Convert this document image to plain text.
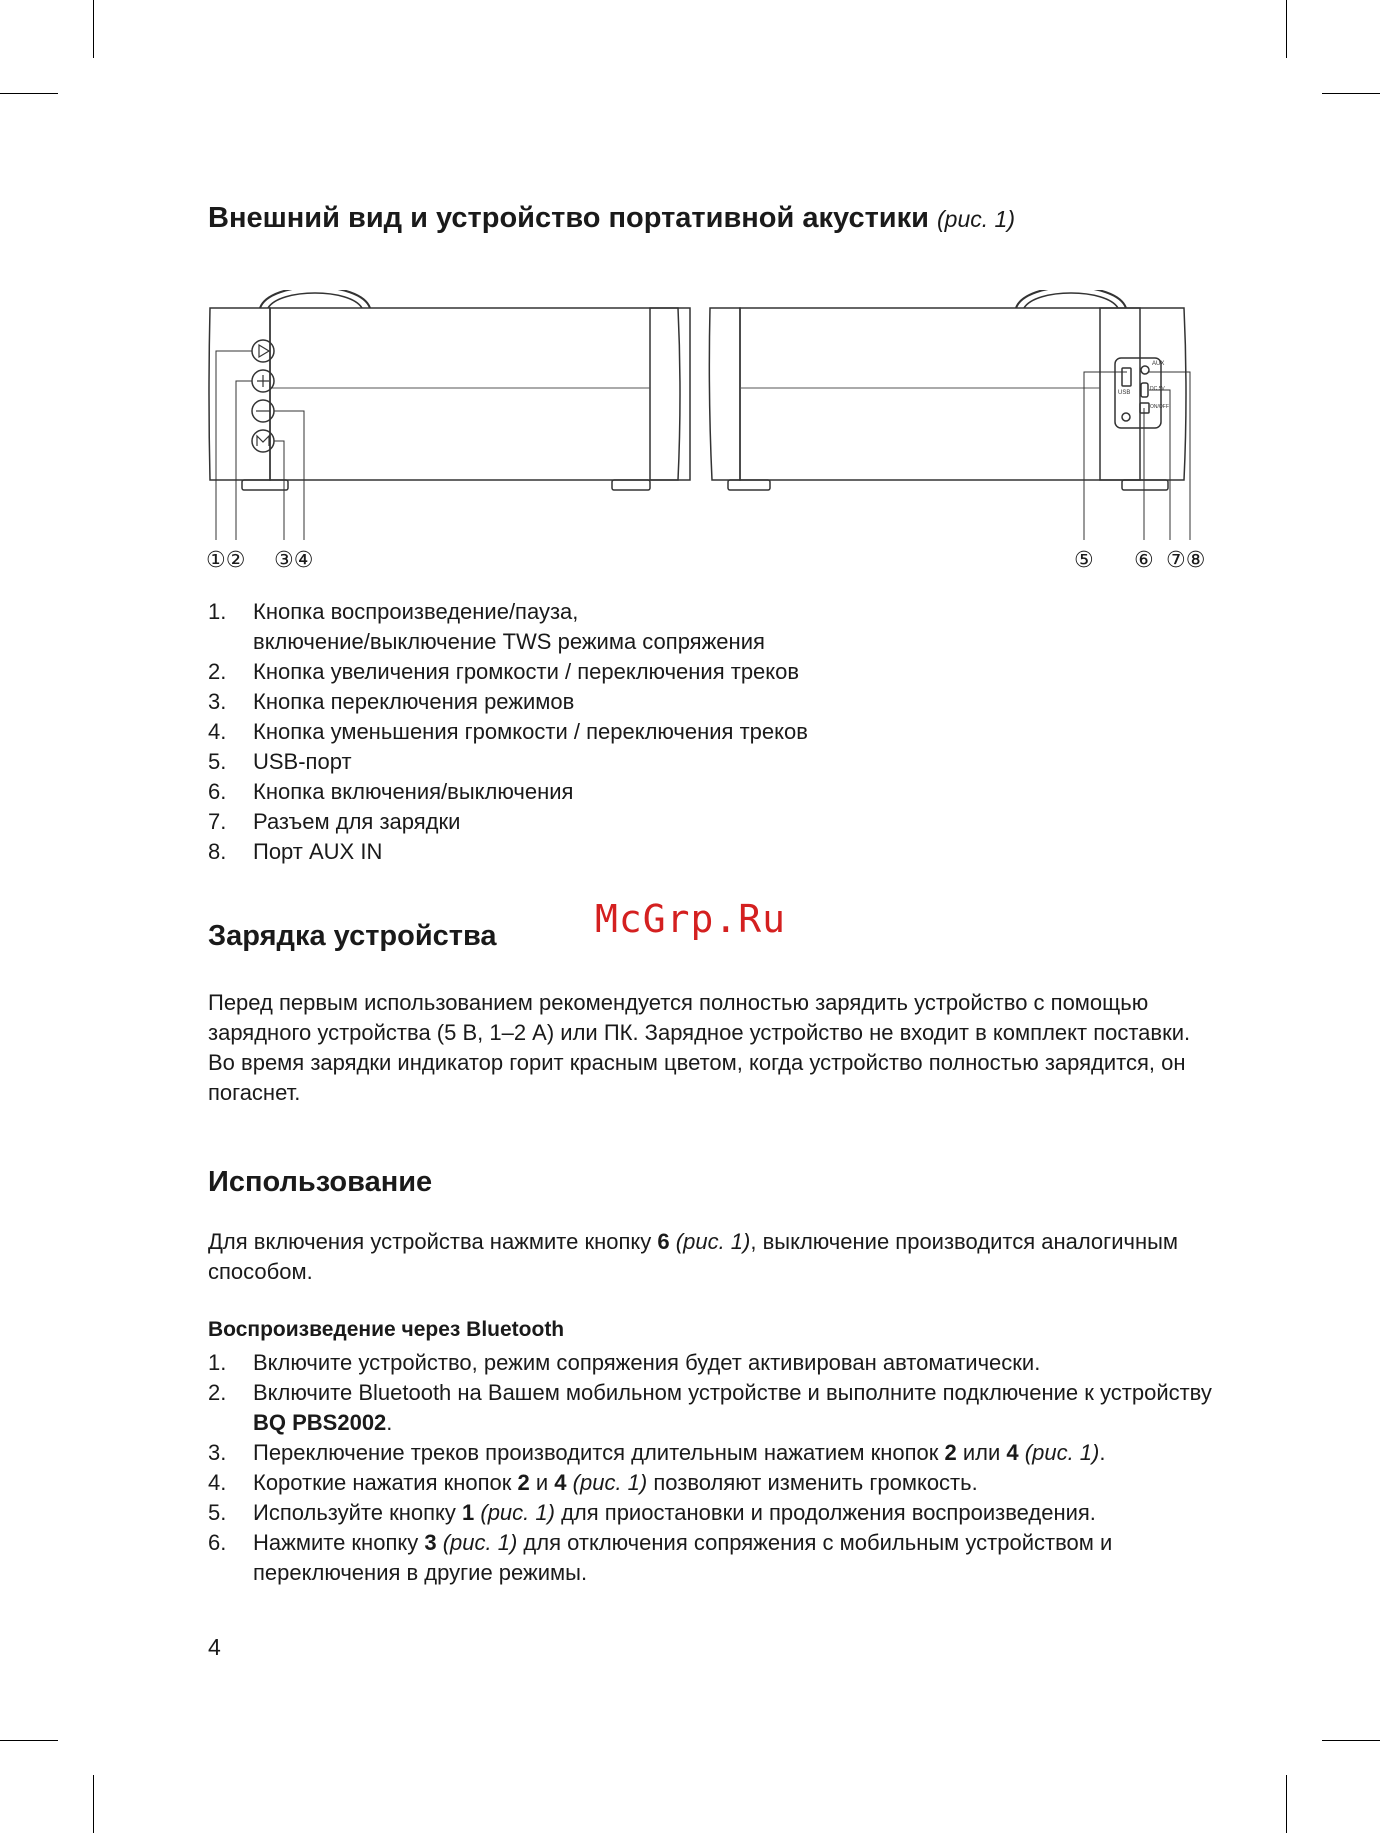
Внешний вид и устройство портативной акустики (рис. 1)
USB
AUX
DC 5V
ON/OFF
①② ③④	⑤ ⑥ ⑦⑧
1. Кнопка воспроизведение/пауза,
включение/выключение TWS режима сопряжения
2. Кнопка увеличения громкости / переключения треков
3. Кнопка переключения режимов
4. Кнопка уменьшения громкости / переключения треков
5. USB-порт
6. Кнопка включения/выключения
7. Разъем для зарядки
8. Порт AUX IN
McGrp.Ru
Зарядка устройства

Перед первым использованием рекомендуется полностью зарядить устройство с помощью зарядного устройства (5 В, 1–2 А) или ПК. Зарядное устройство не входит в комплект поставки.

Во время зарядки индикатор горит красным цветом, когда устройство полностью зарядится, он погаснет.

Использование

Для включения устройства нажмите кнопку 6 (рис. 1), выключение производится аналогичным способом.

Воспроизведение через Bluetooth
1. Включите устройство, режим сопряжения будет активирован автоматически.
2. Включите Bluetooth на Вашем мобильном устройстве и выполните подключение к устройству BQ PBS2002.
3. Переключение треков производится длительным нажатием кнопок 2 или 4 (рис. 1).
4. Короткие нажатия кнопок 2 и 4 (рис. 1) позволяют изменить громкость.
5. Используйте кнопку 1 (рис. 1) для приостановки и продолжения воспроизведения.
6. Нажмите кнопку 3 (рис. 1) для отключения сопряжения с мобильным устройством и переключения в другие режимы.
4
